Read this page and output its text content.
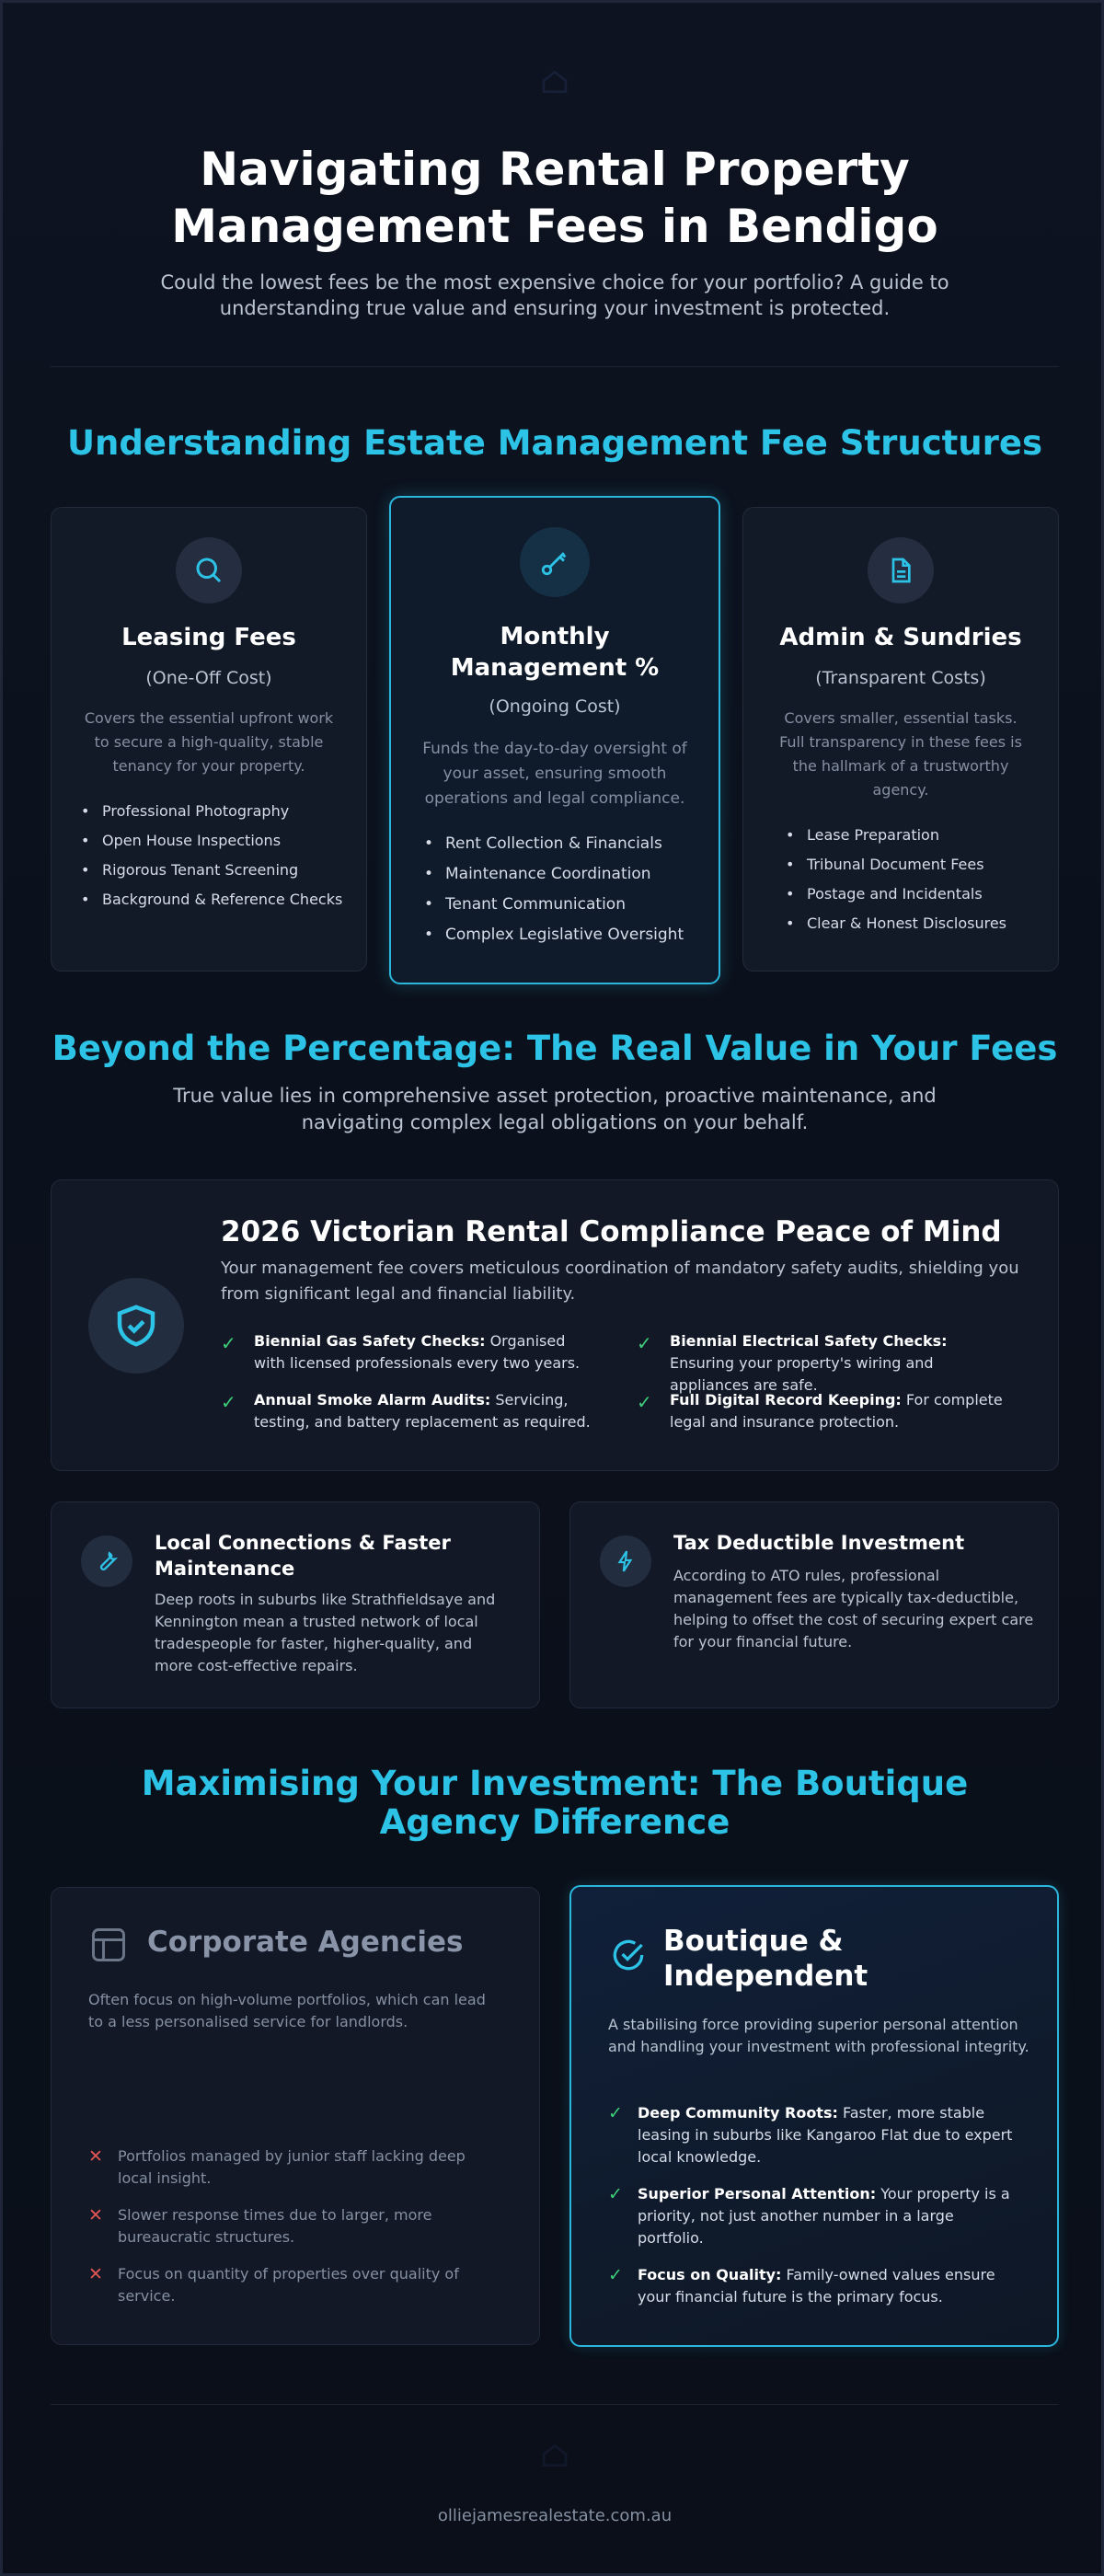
Navigating Rental Property Management Fees in Bendigo

Could the lowest fees be the most expensive choice for your portfolio? A guide to understanding true value and ensuring your investment is protected.

Understanding Estate Management Fee Structures
Leasing Fees
(One-Off Cost)
Covers the essential upfront work to secure a high-quality, stable tenancy for your property.
• Professional Photography
• Open House Inspections
• Rigorous Tenant Screening
• Background & Reference Checks
Monthly Management %
(Ongoing Cost)
Funds the day-to-day oversight of your asset, ensuring smooth operations and legal compliance.
• Rent Collection & Financials
• Maintenance Coordination
• Tenant Communication
• Complex Legislative Oversight
Admin & Sundries
(Transparent Costs)
Covers smaller, essential tasks. Full transparency in these fees is the hallmark of a trustworthy agency.
• Lease Preparation
• Tribunal Document Fees
• Postage and Incidentals
• Clear & Honest Disclosures
Beyond the Percentage: The Real Value in Your Fees

True value lies in comprehensive asset protection, proactive maintenance, and navigating complex legal obligations on your behalf.

2026 Victorian Rental Compliance Peace of Mind
Your management fee covers meticulous coordination of mandatory safety audits, shielding you from significant legal and financial liability.
✓ Biennial Gas Safety Checks: Organised with licensed professionals every two years.
✓ Biennial Electrical Safety Checks: Ensuring your property's wiring and appliances are safe.
✓ Annual Smoke Alarm Audits: Servicing, testing, and battery replacement as required.
✓ Full Digital Record Keeping: For complete legal and insurance protection.
Local Connections & Faster Maintenance
Deep roots in suburbs like Strathfieldsaye and Kennington mean a trusted network of local tradespeople for faster, higher-quality, and more cost-effective repairs.
Tax Deductible Investment
According to ATO rules, professional management fees are typically tax-deductible, helping to offset the cost of securing expert care for your financial future.
Maximising Your Investment: The Boutique Agency Difference
Corporate Agencies
Often focus on high-volume portfolios, which can lead to a less personalised service for landlords.
✕ Portfolios managed by junior staff lacking deep local insight.
✕ Slower response times due to larger, more bureaucratic structures.
✕ Focus on quantity of properties over quality of service.
Boutique & Independent
A stabilising force providing superior personal attention and handling your investment with professional integrity.
✓ Deep Community Roots: Faster, more stable leasing in suburbs like Kangaroo Flat due to expert local knowledge.
✓ Superior Personal Attention: Your property is a priority, not just another number in a large portfolio.
✓ Focus on Quality: Family-owned values ensure your financial future is the primary focus.
olliejamesrealestate.com.au
